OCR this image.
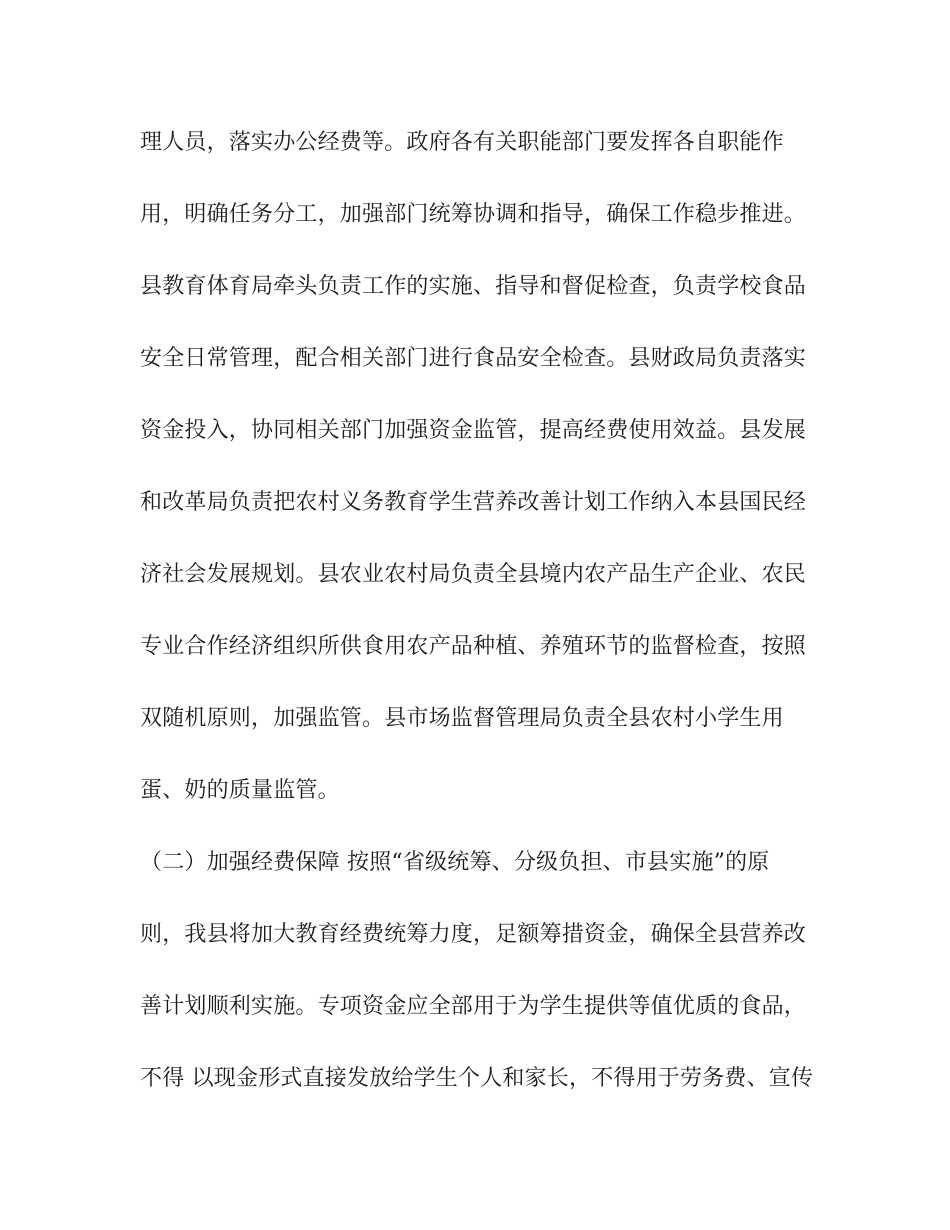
理人员，落实办公经费等。政府各有关职能部门要发挥各自职能作
用，明确任务分工，加强部门统筹协调和指导，确保工作稳步推进。
县教育体育局牵头负责工作的实施、指导和督促检查，负责学校食品
安全日常管理，配合相关部门进行食品安全检查。县财政局负责落实
资金投入，协同相关部门加强资金监管，提高经费使用效益。县发展
和改革局负责把农村义务教育学生营养改善计划工作纳入本县国民经
济社会发展规划。县农业农村局负责全县境内农产品生产企业、农民
专业合作经济组织所供食用农产品种植、养殖环节的监督检查，按照
双随机原则，加强监管。县市场监督管理局负责全县农村小学生用
蛋、奶的质量监管。
（二）加强经费保障 按照“省级统筹、分级负担、市县实施”的原
则，我县将加大教育经费统筹力度，足额筹措资金，确保全县营养改
善计划顺利实施。专项资金应全部用于为学生提供等值优质的食品，
不得 以现金形式直接发放给学生个人和家长，不得用于劳务费、宣传
